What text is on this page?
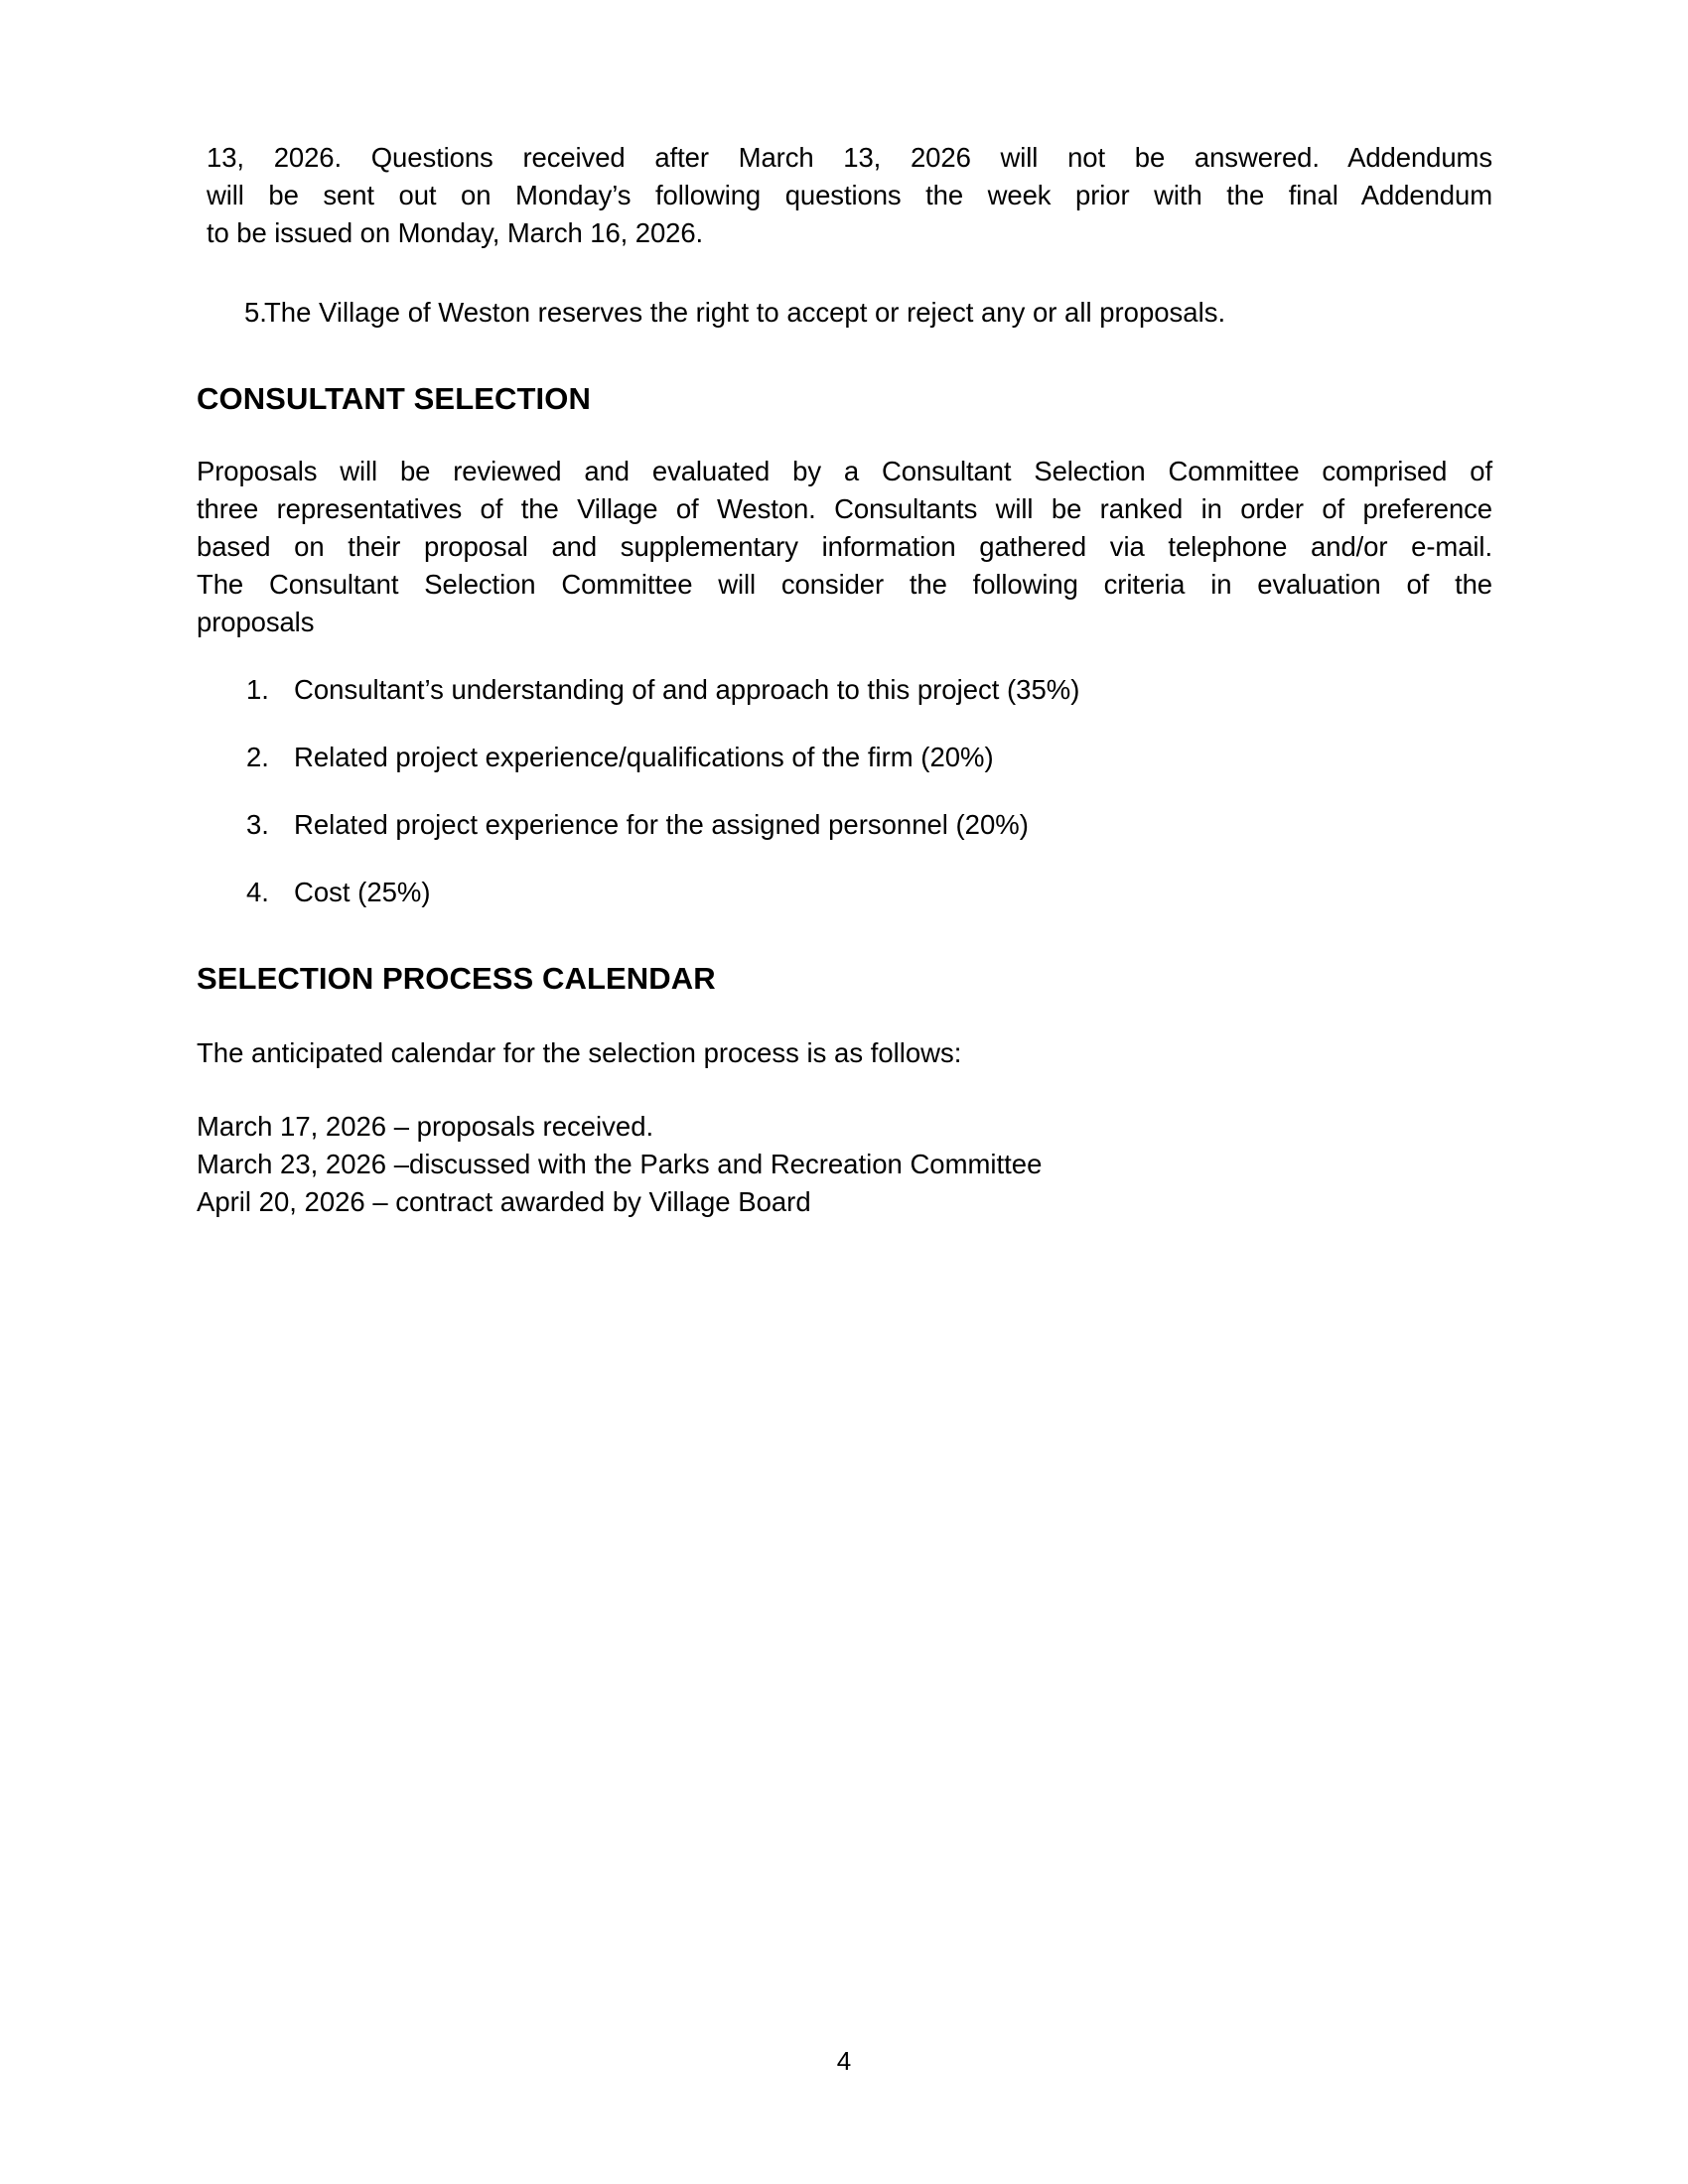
13, 2026. Questions received after March 13, 2026 will not be answered. Addendums
will be sent out on Monday’s following questions the week prior with the final Addendum
to be issued on Monday, March 16, 2026.

5.
The Village of Weston reserves the right to accept or reject any or all proposals.
CONSULTANT SELECTION

Proposals will be reviewed and evaluated by a Consultant Selection Committee comprised of
three representatives of the Village of Weston. Consultants will be ranked in order of preference
based on their proposal and supplementary information gathered via telephone and/or e-mail.
The Consultant Selection Committee will consider the following criteria in evaluation of the
proposals

1. Consultant’s understanding of and approach to this project (35%)
2. Related project experience/qualifications of the firm (20%)
3. Related project experience for the assigned personnel (20%)
4. Cost (25%)
SELECTION PROCESS CALENDAR

The anticipated calendar for the selection process is as follows:

March 17, 2026 – proposals received.
March 23, 2026 –discussed with the Parks and Recreation Committee
April 20, 2026 – contract awarded by Village Board
4
